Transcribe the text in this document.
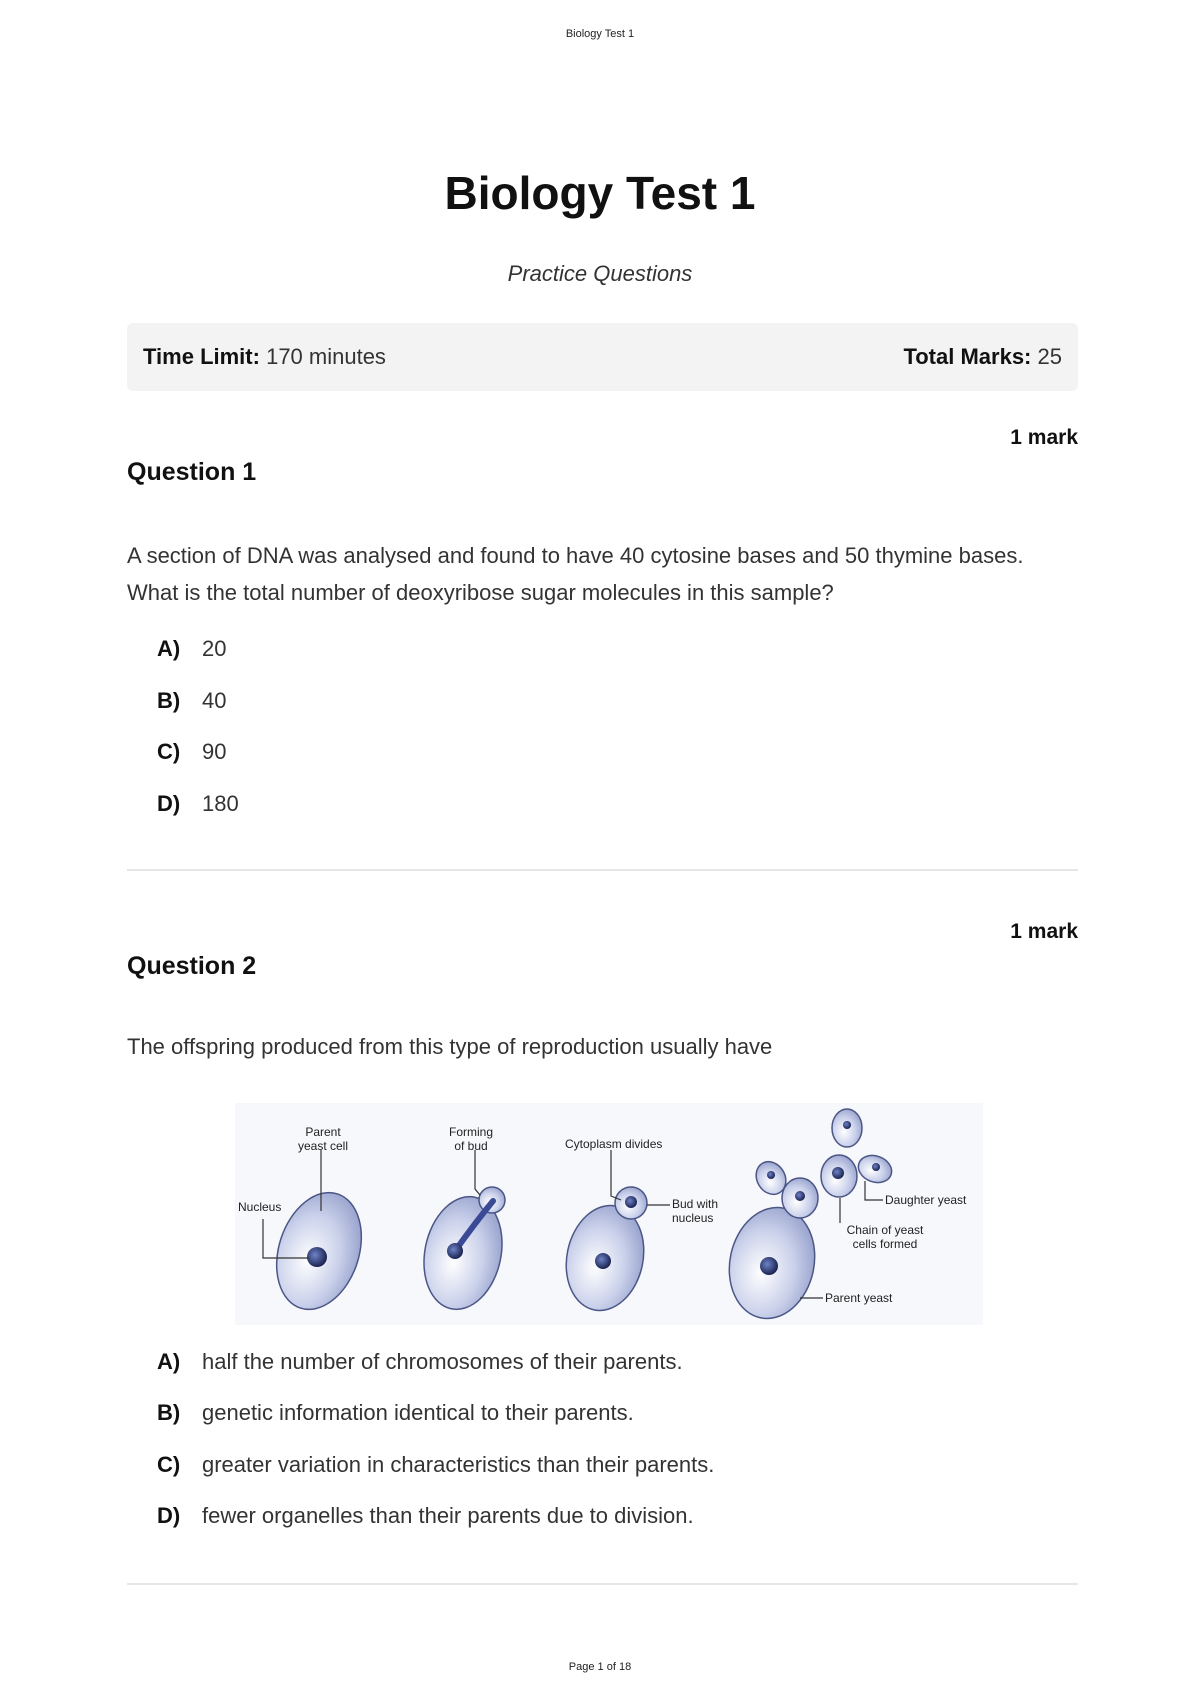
Biology Test 1
Biology Test 1
Practice Questions
Time Limit: 170 minutes	Total Marks: 25
1 mark
Question 1

A section of DNA was analysed and found to have 40 cytosine bases and 50 thymine bases. What is the total number of deoxyribose sugar molecules in this sample?

A) 20
B) 40
C) 90
D) 180
1 mark
Question 2

The offspring produced from this type of reproduction usually have

Parent
yeast cell
Nucleus
Forming
of bud	Cytoplasm divides
Bud with
nucleus
Daughter yeast
Chain of yeast
cells formed
Parent yeast
A) half the number of chromosomes of their parents.
B) genetic information identical to their parents.
C) greater variation in characteristics than their parents.
D) fewer organelles than their parents due to division.
Page 1 of 18
